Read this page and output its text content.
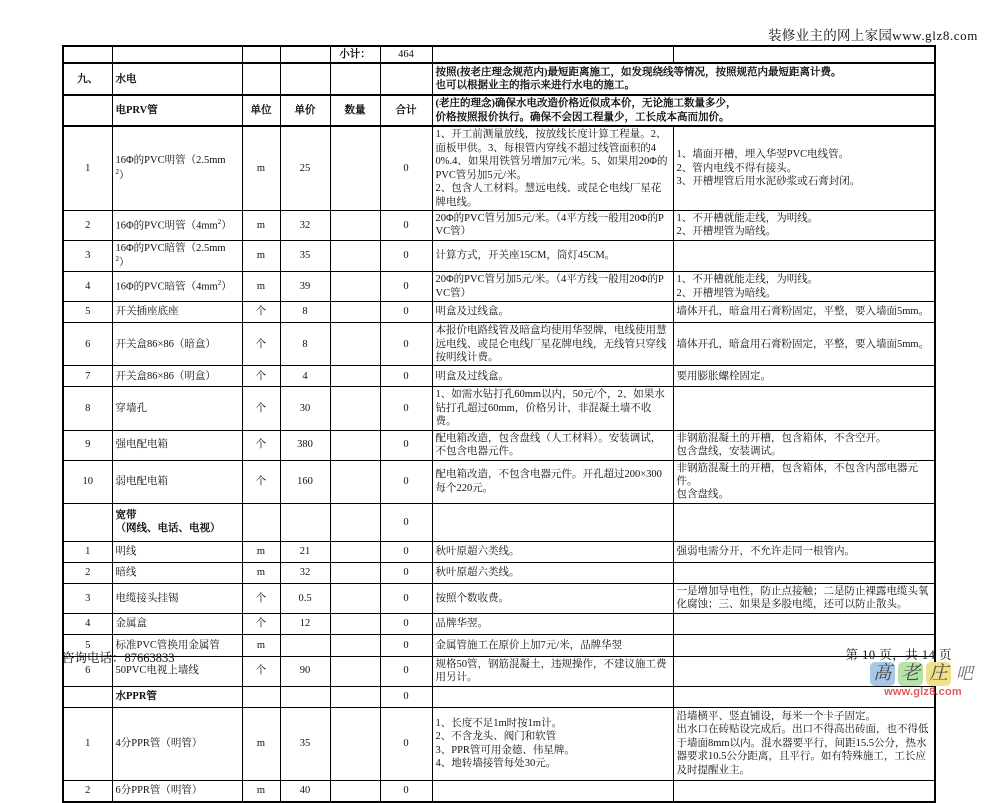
装修业主的网上家园www.glz8.com
				小计：	464		
九、	水电					按照(按老庄理念规范内)最短距离施工，如发现绕线等情况，按照规范内最短距离计费。
也可以根据业主的指示来进行水电的施工。	
	电PRV管	单位	单价	数量	合计	(老庄的理念)确保水电改造价格近似成本价，无论施工数量多少，
价格按照报价执行。确保不会因工程量少，工长成本高而加价。	
1	16Φ的PVC明管$(2.5mm^2)$	m	25		0	1、开工前测量放线，按放线长度计算工程量。2、面板甲供。3、每根管内穿线不超过线管面积的40%.4、如果用铁管另增加7元/米。5、如果用20Φ的PVC管另加5元/米。
2、包含人工材料。慧远电线、或昆仑电线厂星花牌电线。	1、墙面开槽，埋入华翌PVC电线管。
2、管内电线不得有接头。
3、开槽埋管后用水泥砂浆或石膏封闭。
2	16Φ的PVC明管$(4mm^2)$	m	32		0	20Φ的PVC管另加5元/米。（4平方线一般用20Φ的PVC管）	1、不开槽就能走线，为明线。
2、开槽埋管为暗线。
3	16Φ的PVC暗管$(2.5mm^2)$	m	35		0	计算方式，开关座15CM，筒灯45CM。	
4	16Φ的PVC暗管$(4mm^2)$	m	39		0	20Φ的PVC管另加5元/米。（4平方线一般用20Φ的PVC管）	1、不开槽就能走线，为明线。
2、开槽埋管为暗线。
5	开关插座底座	个	8		0	明盒及过线盒。	墙体开孔，暗盒用石膏粉固定，平整，要入墙面5mm。
6	开关盒86×86（暗盒）	个	8		0	本报价电路线管及暗盒均使用华翌牌，电线使用慧远电线、或昆仑电线厂星花牌电线，无线管只穿线按明线计费。	墙体开孔，暗盒用石膏粉固定，平整，要入墙面5mm。
7	开关盒86×86（明盒）	个	4		0	明盒及过线盒。	要用膨胀螺栓固定。
8	穿墙孔	个	30		0	1、如需水钻打孔60mm以内，50元/个，2、如果水钻打孔超过60mm，价格另计，非混凝土墙不收费。	
9	强电配电箱	个	380		0	配电箱改造，包含盘线（人工材料）。安装调试，不包含电器元件。	非钢筋混凝土的开槽，包含箱体，不含空开。
包含盘线，安装调试。
10	弱电配电箱	个	160		0	配电箱改造，不包含电器元件。开孔超过200×300每个220元。	非钢筋混凝土的开槽，包含箱体，不包含内部电器元件。
包含盘线。
	宽带
（网线、电话、电视）				0		
1	明线	m	21		0	秋叶原超六类线。	强弱电需分开，不允许走同一根管内。
2	暗线	m	32		0	秋叶原超六类线。	
3	电缆接头挂锡	个	0.5		0	按照个数收费。	一是增加导电性，防止点接触；二是防止裸露电缆头氧化腐蚀；三、如果是多股电缆，还可以防止散头。
4	金属盒	个	12		0	品牌华翌。	
5	标准PVC管换用金属管	m			0	金属管施工在原价上加7元/米，品牌华翌	
6	50PVC电视上墙线	个	90		0	规格50管，钢筋混凝土，违规操作，不建议施工费用另计。	
	水PPR管				0		
1	4分PPR管（明管）	m	35		0	1、长度不足1m时按1m计。
2、不含龙头、阀门和软管
3、PPR管可用金德、伟星牌。
4、地转墙接管每处30元。	沿墙横平、竖直铺设，每米一个卡子固定。
出水口在砖贴设完成后。出口不得高出砖面，也不得低于墙面8mm以内。混水器要平行，间距15.5公分，热水器要求10.5公分距离，且平行。如有特殊施工，工长应及时提醒业主。
2	6分PPR管（明管）	m	40		0		
咨询电话：87663833	第 10 页，共 14 页
髙 老 庄 吧
www.glz8.com
